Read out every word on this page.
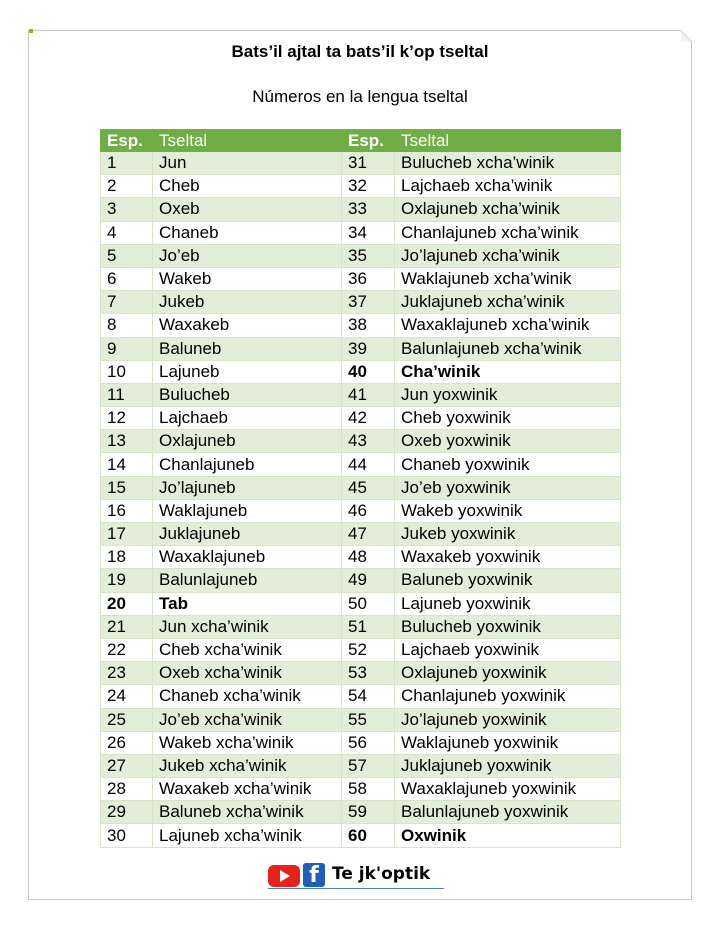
Bats’il ajtal ta bats’il k’op tseltal
Números en la lengua tseltal
Esp.	Tseltal	Esp.	Tseltal
1	Jun	31	Bulucheb xcha’winik
2	Cheb	32	Lajchaeb xcha’winik
3	Oxeb	33	Oxlajuneb xcha’winik
4	Chaneb	34	Chanlajuneb xcha’winik
5	Jo’eb	35	Jo’lajuneb xcha’winik
6	Wakeb	36	Waklajuneb xcha’winik
7	Jukeb	37	Juklajuneb xcha’winik
8	Waxakeb	38	Waxaklajuneb xcha’winik
9	Baluneb	39	Balunlajuneb xcha’winik
10	Lajuneb	40	Cha’winik
11	Bulucheb	41	Jun yoxwinik
12	Lajchaeb	42	Cheb yoxwinik
13	Oxlajuneb	43	Oxeb yoxwinik
14	Chanlajuneb	44	Chaneb yoxwinik
15	Jo’lajuneb	45	Jo’eb yoxwinik
16	Waklajuneb	46	Wakeb yoxwinik
17	Juklajuneb	47	Jukeb yoxwinik
18	Waxaklajuneb	48	Waxakeb yoxwinik
19	Balunlajuneb	49	Baluneb yoxwinik
20	Tab	50	Lajuneb yoxwinik
21	Jun xcha’winik	51	Bulucheb yoxwinik
22	Cheb xcha’winik	52	Lajchaeb yoxwinik
23	Oxeb xcha’winik	53	Oxlajuneb yoxwinik
24	Chaneb xcha’winik	54	Chanlajuneb yoxwinik
25	Jo’eb xcha’winik	55	Jo’lajuneb yoxwinik
26	Wakeb xcha’winik	56	Waklajuneb yoxwinik
27	Jukeb xcha’winik	57	Juklajuneb yoxwinik
28	Waxakeb xcha’winik	58	Waxaklajuneb yoxwinik
29	Baluneb xcha’winik	59	Balunlajuneb yoxwinik
30	Lajuneb xcha’winik	60	Oxwinik
f Te jk'optik
